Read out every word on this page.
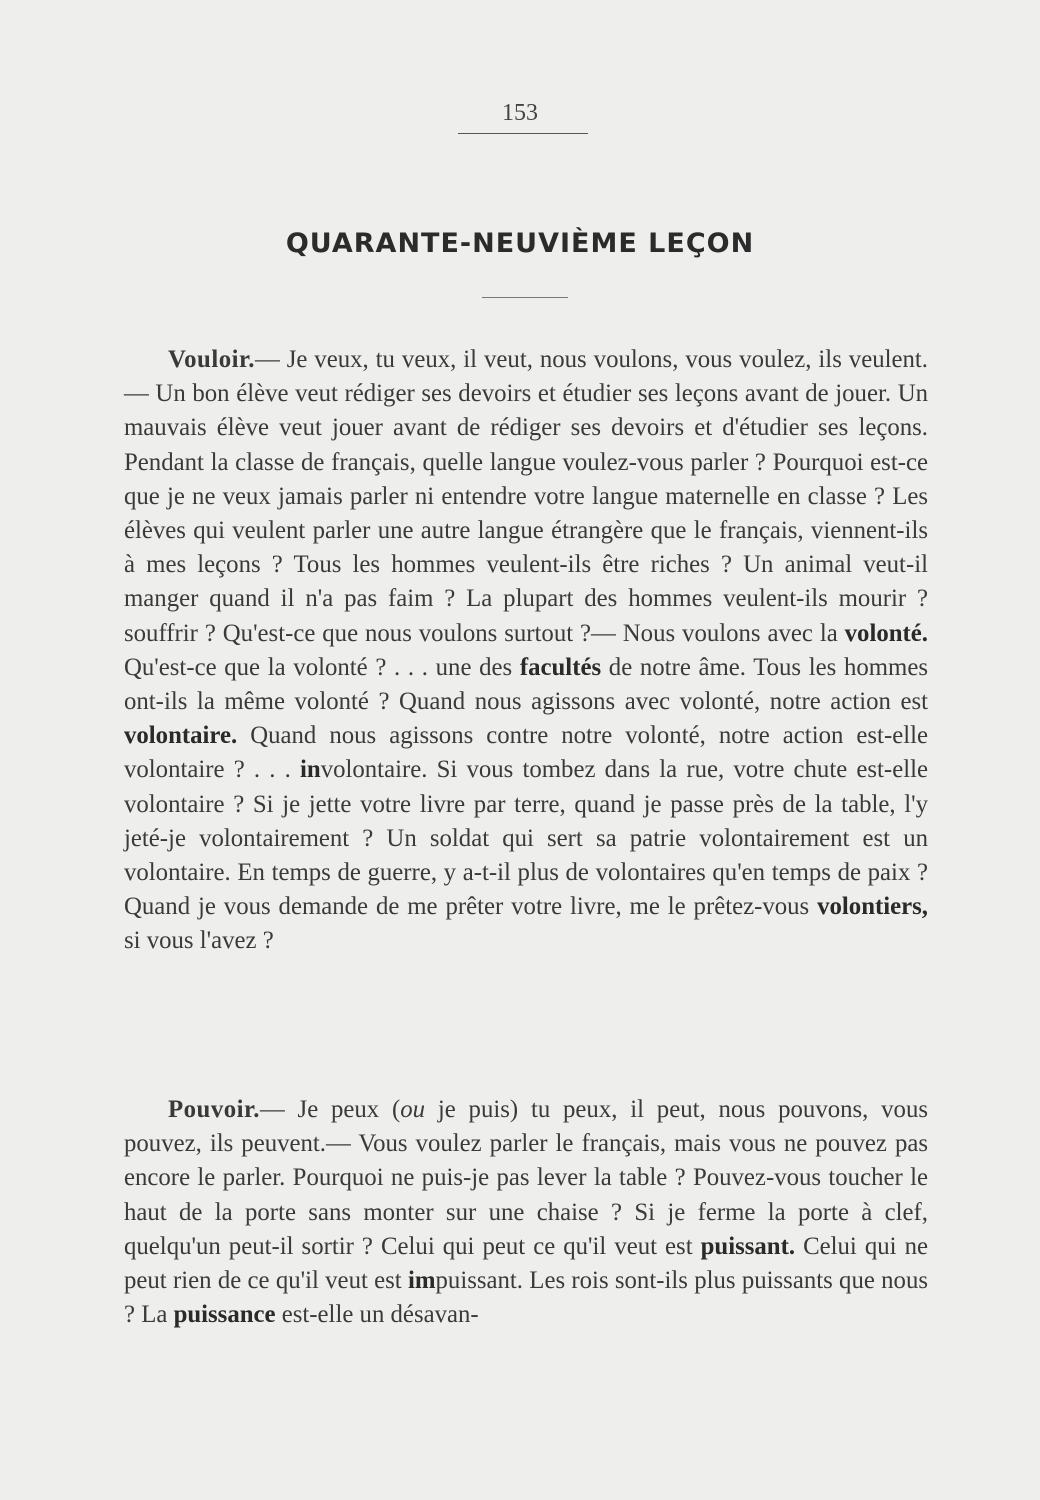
153
QUARANTE-NEUVIÈME LEÇON

Vouloir.— Je veux, tu veux, il veut, nous voulons, vous voulez, ils veulent.— Un bon élève veut rédiger ses devoirs et étudier ses leçons avant de jouer. Un mauvais élève veut jouer avant de rédiger ses devoirs et d'étudier ses leçons. Pendant la classe de français, quelle langue voulez-vous parler ? Pourquoi est-ce que je ne veux jamais parler ni entendre votre langue maternelle en classe ? Les élèves qui veulent parler une autre langue étrangère que le français, viennent-ils à mes leçons ? Tous les hommes veulent-ils être riches ? Un animal veut-il manger quand il n'a pas faim ? La plupart des hommes veulent-ils mourir ? souffrir ? Qu'est-ce que nous voulons surtout ?— Nous voulons avec la volonté. Qu'est-ce que la volonté ? . . . une des facultés de notre âme. Tous les hommes ont-ils la même volonté ? Quand nous agissons avec volonté, notre action est volontaire. Quand nous agissons contre notre volonté, notre action est-elle volontaire ? . . . involontaire. Si vous tombez dans la rue, votre chute est-elle volontaire ? Si je jette votre livre par terre, quand je passe près de la table, l'y jeté-je volontairement ? Un soldat qui sert sa patrie volontairement est un volontaire. En temps de guerre, y a-t-il plus de volontaires qu'en temps de paix ? Quand je vous demande de me prêter votre livre, me le prêtez-vous volontiers, si vous l'avez ?

Pouvoir.— Je peux (ou je puis) tu peux, il peut, nous pouvons, vous pouvez, ils peuvent.— Vous voulez parler le français, mais vous ne pouvez pas encore le parler. Pourquoi ne puis-je pas lever la table ? Pouvez-vous toucher le haut de la porte sans monter sur une chaise ? Si je ferme la porte à clef, quelqu'un peut-il sortir ? Celui qui peut ce qu'il veut est puissant. Celui qui ne peut rien de ce qu'il veut est impuissant. Les rois sont-ils plus puissants que nous ? La puissance est-elle un désavan-
